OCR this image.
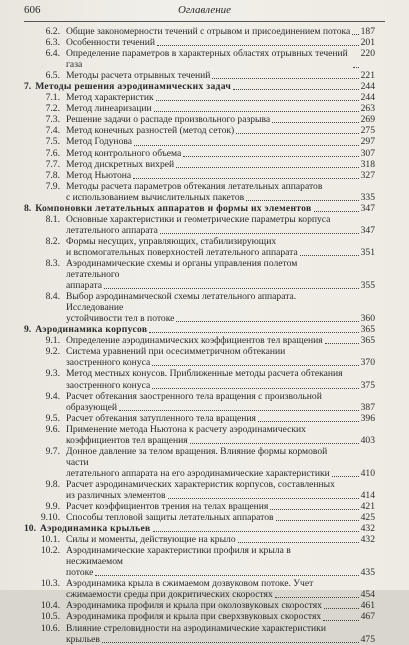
606	Оглавление
6.2. Общие закономерности течений с отрывом и присоединением потока 187
6.3. Особенности течений	201
6.4. Определение параметров в характерных областях отрывных течений газа
220
6.5. Методы расчета отрывных течений	221
7. Методы решения аэродинамических задач	244
7.1. Метод характеристик	244
7.2. Метод линеаризации	263
7.3. Решение задачи о распаде произвольного разрыва	269
7.4. Метод конечных разностей (метод сеток)	275
7.5. Метод Годунова	297
7.6. Метод контрольного объема	307
7.7. Метод дискретных вихрей	318
7.8. Метод Ньютона	327
7.9. Методы расчета параметров обтекания летательных аппаратов
с использованием вычислительных пакетов	335
8. Компоновки летательных аппаратов и формы их элементов	347
8.1. Основные характеристики и геометрические параметры корпуса
летательного аппарата	347
8.2. Формы несущих, управляющих, стабилизирующих
и вспомогательных поверхностей летательного аппарата	351
8.3. Аэродинамические схемы и органы управления полетом летательного
аппарата	355
8.4. Выбор аэродинамической схемы летательного аппарата. Исследование
устойчивости тел в потоке	360
9. Аэродинамика корпусов	365
9.1. Определение аэродинамических коэффициентов тел вращения	365
9.2. Система уравнений при осесимметричном обтекании
заостренного конуса	370
9.3. Метод местных конусов. Приближенные методы расчета обтекания
заостренного конуса	375
9.4. Расчет обтекания заостренного тела вращения с произвольной
образующей	387
9.5. Расчет обтекания затупленного тела вращения	396
9.6. Применение метода Ньютона к расчету аэродинамических
коэффициентов тел вращения	403
9.7. Донное давление за телом вращения. Влияние формы кормовой части
летательного аппарата на его аэродинамические характеристики	410
9.8. Расчет аэродинамических характеристик корпусов, составленных
из различных элементов	414
9.9. Расчет коэффициентов трения на телах вращения	421
9.10. Способы тепловой защиты летательных аппаратов	425
10. Аэродинамика крыльев	432
10.1. Силы и моменты, действующие на крыло	432
10.2. Аэродинамические характеристики профиля и крыла в несжимаемом
потоке	435
10.3. Аэродинамика крыла в сжимаемом дозвуковом потоке. Учет
сжимаемости среды при докритических скоростях	454
10.4. Аэродинамика профиля и крыла при околозвуковых скоростях	461
10.5. Аэродинамика профиля и крыла при сверхзвуковых скоростях	467
10.6. Влияние стреловидности на аэродинамические характеристики
крыльев	475
